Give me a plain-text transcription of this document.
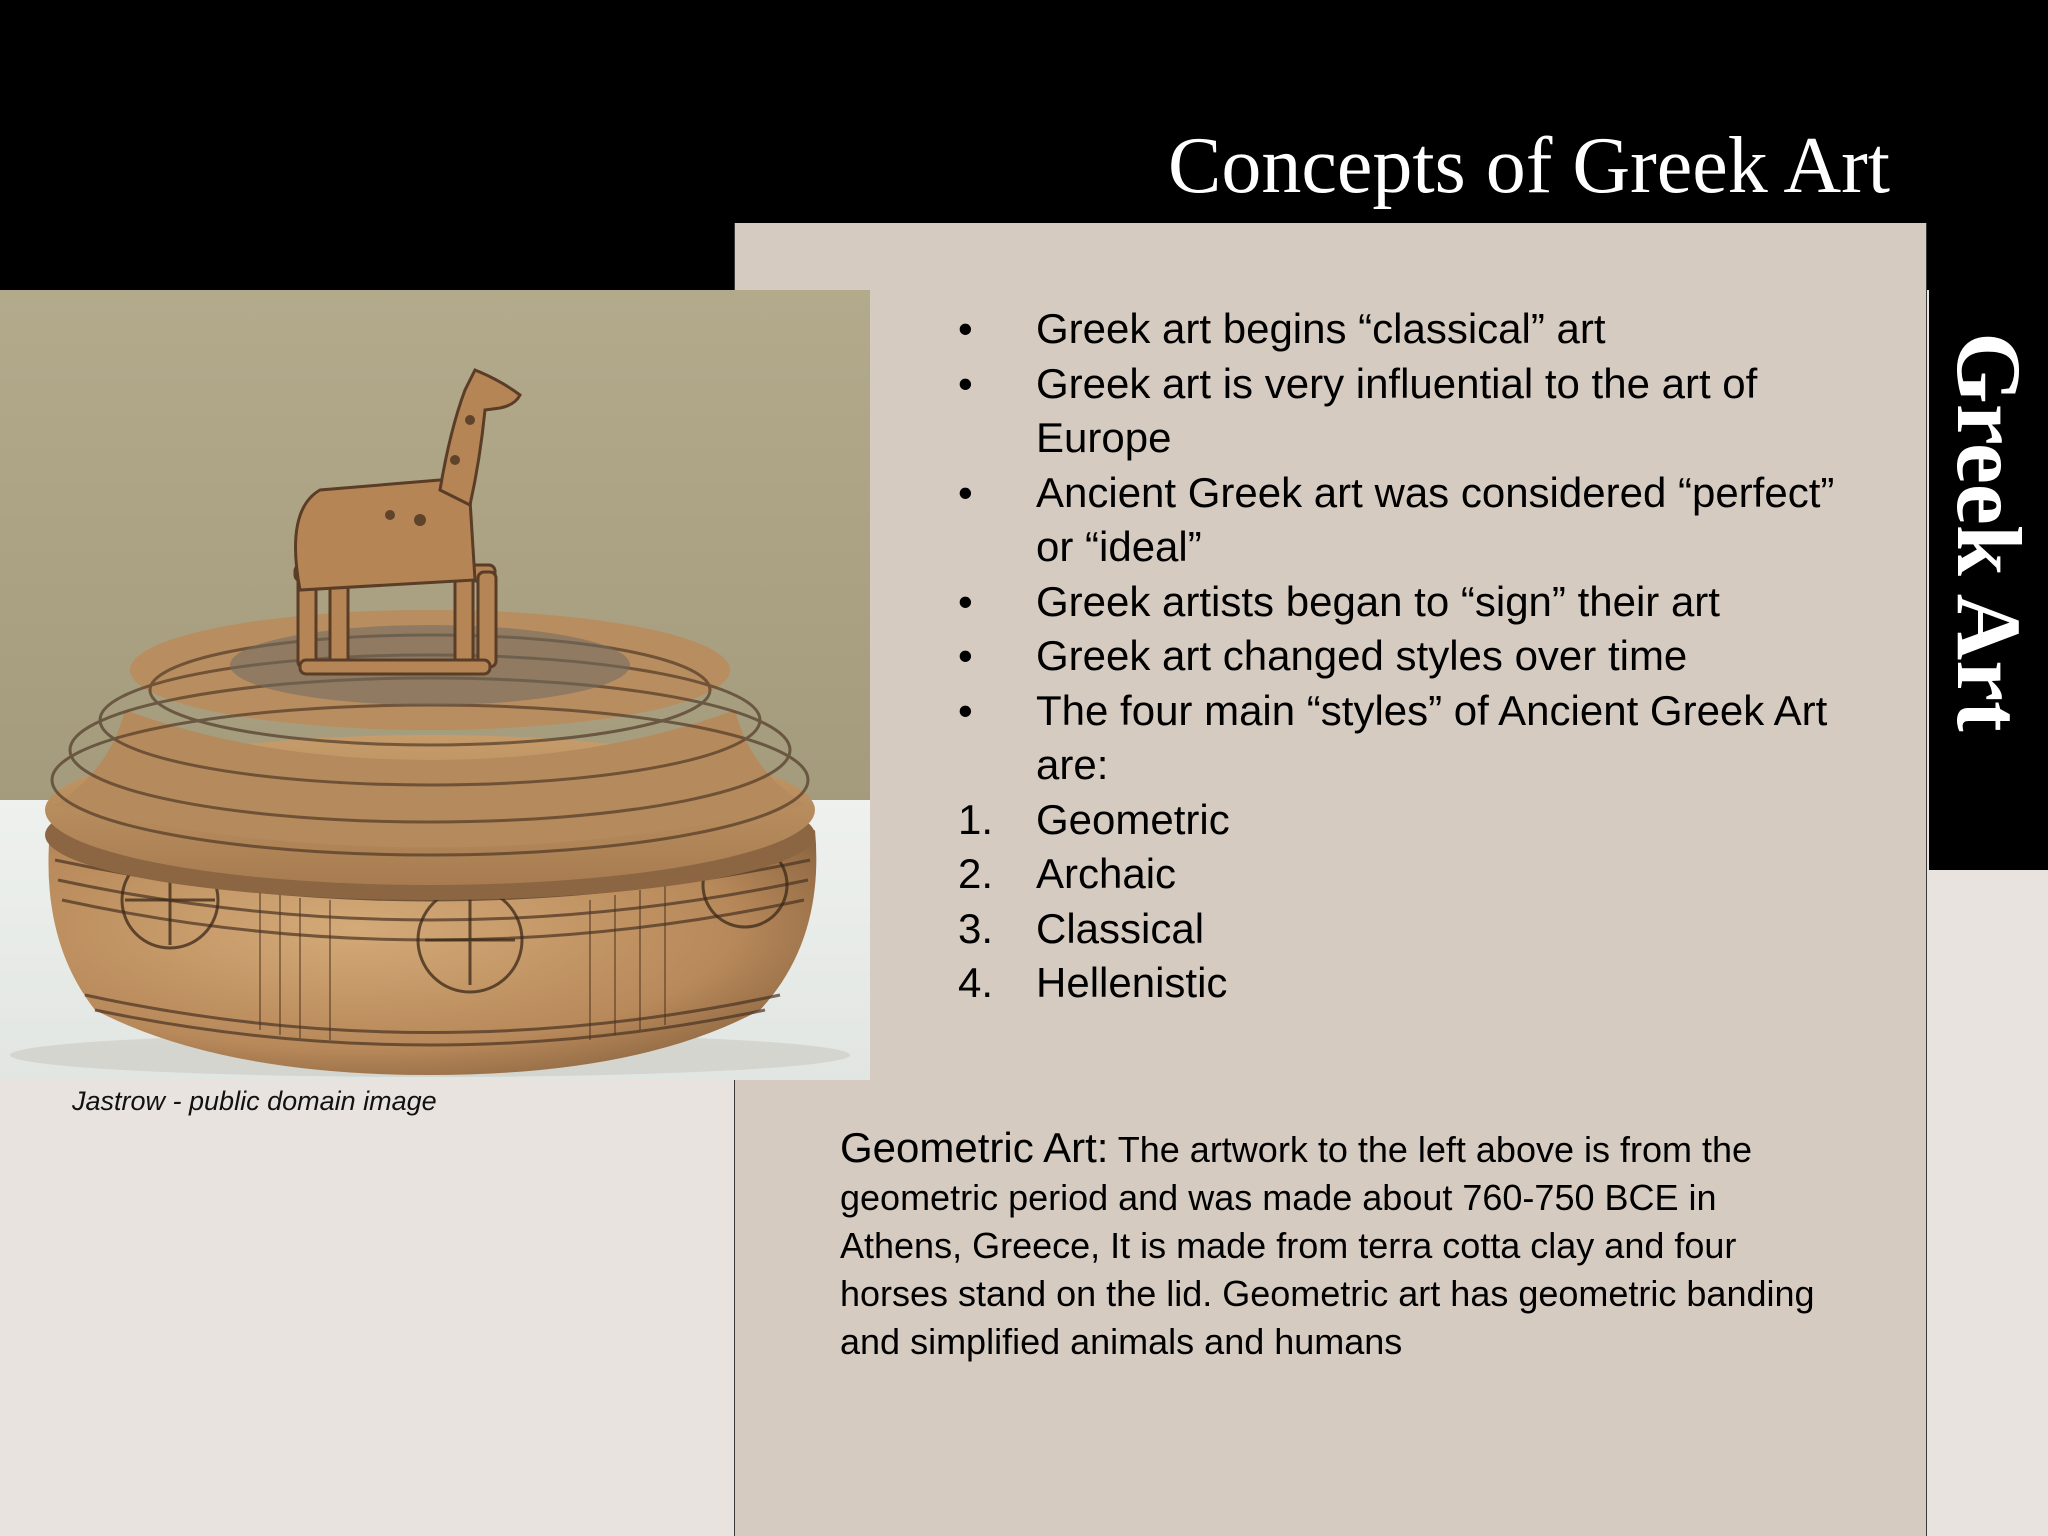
Concepts of Greek Art
Greek Art

Jastrow - public domain image

•	Greek art begins “classical” art
•	Greek art is very influential to the art of Europe
•	Ancient Greek art was considered “perfect” or “ideal”
•	Greek artists began to “sign” their art
•	Greek art changed styles over time
•	The four main “styles” of Ancient Greek Art are:
1.	Geometric
2.	Archaic
3.	Classical
4.	Hellenistic

Geometric Art: The artwork to the left above is from the geometric period and was made about 760-750 BCE in Athens, Greece, It is made from terra cotta clay and four horses stand on the lid. Geometric art has geometric banding and simplified animals and humans
